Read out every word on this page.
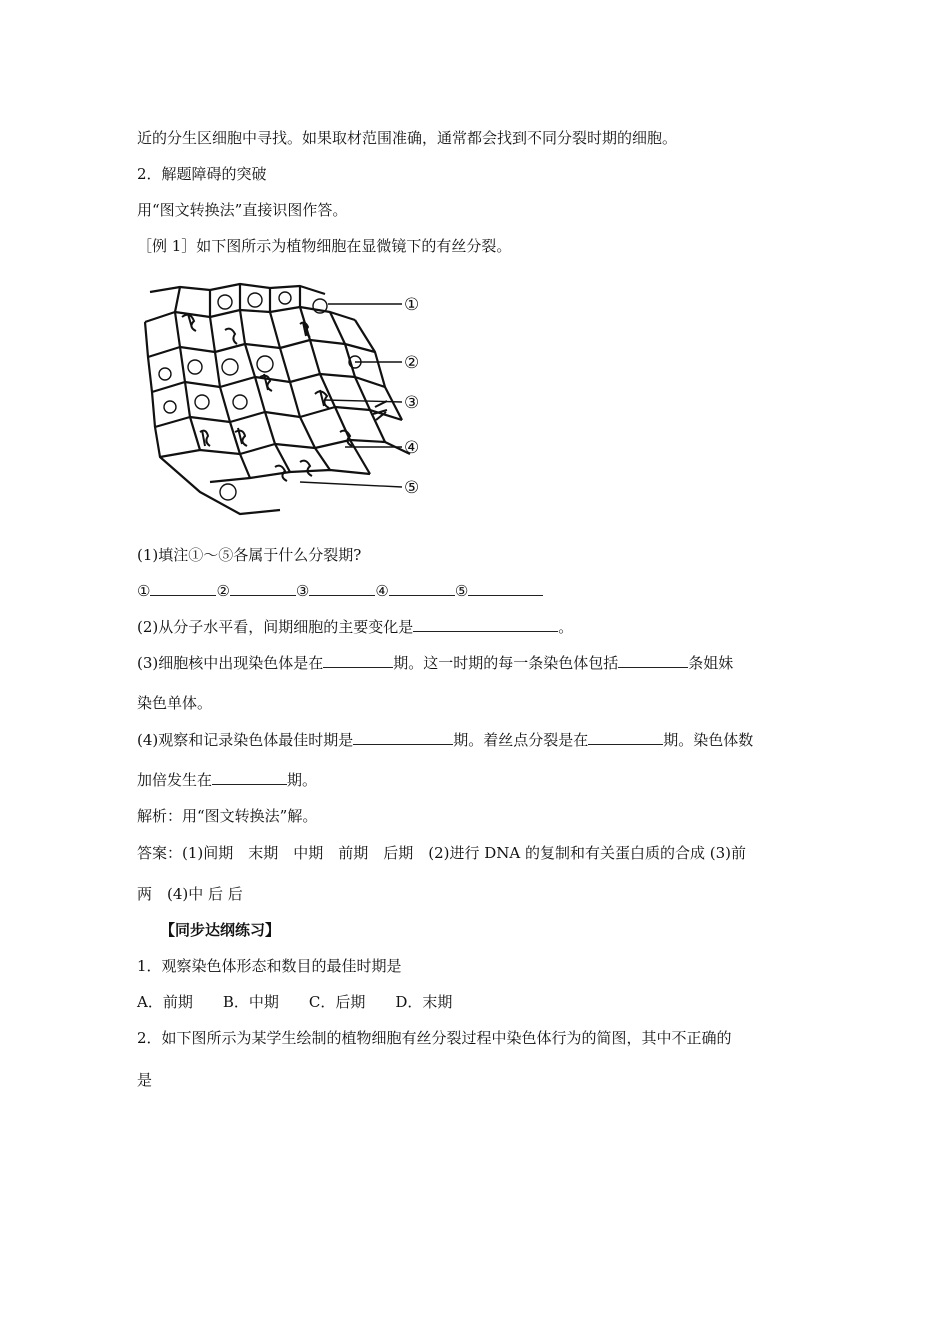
近的分生区细胞中寻找。如果取材范围准确，通常都会找到不同分裂时期的细胞。
2．解题障碍的突破
用“图文转换法”直接识图作答。
［例 1］如下图所示为植物细胞在显微镜下的有丝分裂。
①
②
③
④
⑤
(1)填注①～⑤各属于什么分裂期?
①	②	③	④	⑤
(2)从分子水平看，间期细胞的主要变化是	。
(3)细胞核中出现染色体是在	期。这一时期的每一条染色体包括	条姐妹
染色单体。
(4)观察和记录染色体最佳时期是	期。着丝点分裂是在	期。染色体数
加倍发生在	期。
解析：用“图文转换法”解。
答案：(1)间期　末期　中期　前期　后期　(2)进行 DNA 的复制和有关蛋白质的合成 (3)前
两　(4)中 后 后
【同步达纲练习】
1．观察染色体形态和数目的最佳时期是
A．前期　　B．中期　　C．后期　　D．末期
2．如下图所示为某学生绘制的植物细胞有丝分裂过程中染色体行为的简图，其中不正确的
是
